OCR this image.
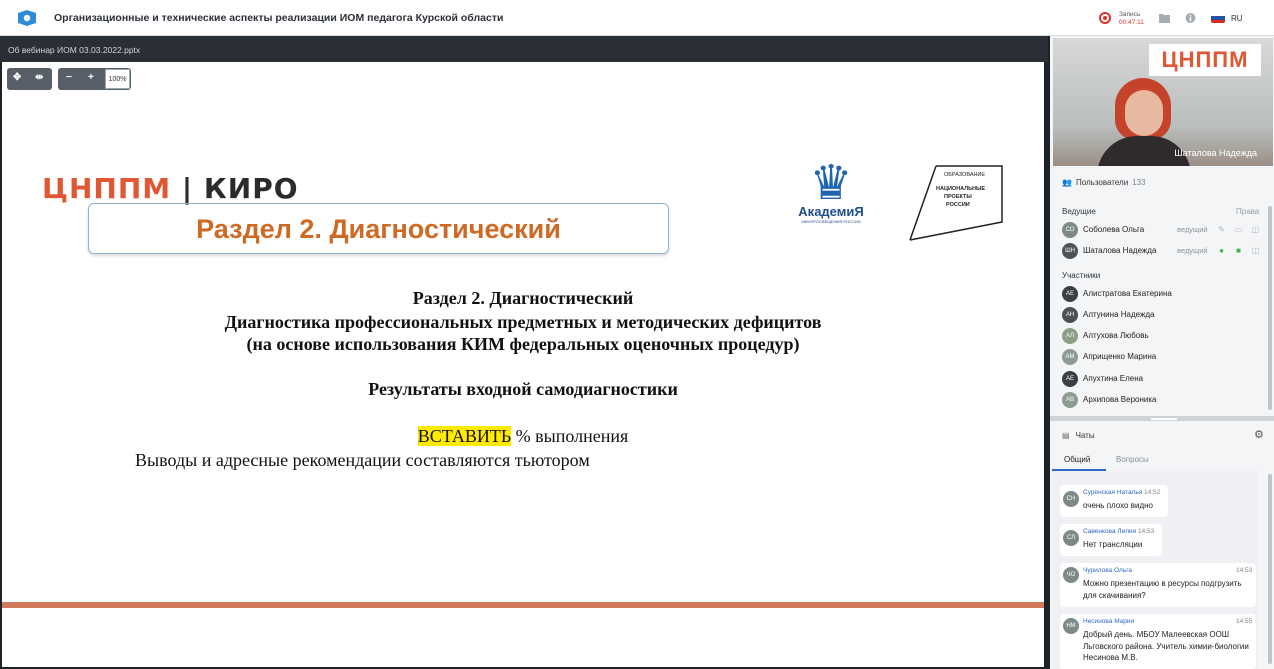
Организационные и технические аспекты реализации ИОМ педагога Курской области	Запись
00:47:11	RU
Об вебинар ИОМ 03.03.2022.pptx
ЦНППМ | КИРО
Раздел 2. Диагностический
♛
АкадемиЯ
МИНПРОСВЕЩЕНИЯ РОССИИ
ОБРАЗОВАНИЕ
НАЦИОНАЛЬНЫЕ
ПРОЕКТЫ
РОССИИ
Раздел 2. Диагностический
Диагностика профессиональных предметных и методических дефицитов
(на основе использования КИМ федеральных оценочных процедур)
Результаты входной самодиагностики
ВСТАВИТЬ % выполнения
Выводы и адресные рекомендации составляются тьютором
✥ ⇹ − +	100%
ЦНППМ
Шаталова Надежда
👥 Пользователи 133
Ведущие	Права
СО	Соболева Ольга	ведущий ✎ ▭ ◫
ШН	Шаталова Надежда	ведущий ● ■ ◫
Участники
АЕ	Алистратова Екатерина
АН	Алтунина Надежда
АЛ	Алтухова Любовь
АМ	Априщенко Марина
АЕ	Апухтина Елена
АВ	Архипова Вероника
▤ Чаты	⚙
Общий	Вопросы
СН
Суренская Наталья 14:52
очень плохо видно
СЛ
Савенкова Лилия 14:53
Нет трансляции
ЧО
Чурилова Ольга	14:53
Можно презентацию в ресурсы подгрузить для скачивания?
НМ
Несинова Мария	14:55
Добрый день. МБОУ Малеевская ООШ Льговского района. Учитель химии-биологии Несинова М.В.
